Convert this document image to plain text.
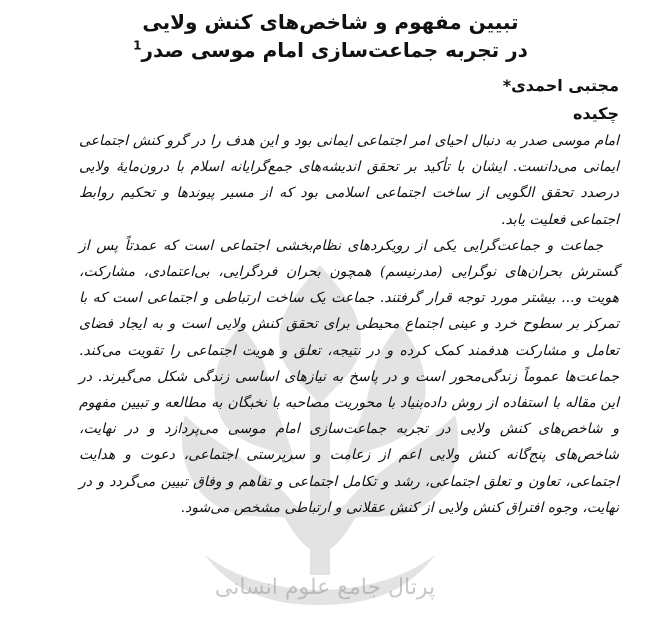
پرتال جامع علوم انسانی
تبیین مفهوم و شاخص‌های کنش ولایی
در تجربه جماعت‌سازی امام موسی صدر$^1$
مجتبی احمدی*
چکیده

امام موسی صدر به دنبال احیای امر اجتماعی ایمانی بود و این هدف را در گرو کنش اجتماعی ایمانی می‌دانست. ایشان با تأکید بر تحقق اندیشه‌های جمع‌گرایانه اسلام با درون‌مایهٔ ولایی درصدد تحقق الگویی از ساخت اجتماعی اسلامی بود که از مسیر پیوندها و تحکیم روابط اجتماعی فعلیت یابد.

جماعت و جماعت‌گرایی یکی از رویکردهای نظام‌بخشی اجتماعی است که عمدتاً پس از گسترش بحران‌های نوگرایی (مدرنیسم) همچون بحران فردگرایی، بی‌اعتمادی، مشارکت، هویت و... بیشتر مورد توجه قرار گرفتند. جماعت یک ساخت ارتباطی و اجتماعی است که با تمرکز بر سطوح خرد و عینی اجتماع محیطی برای تحقق کنش ولایی است و به ایجاد فضای تعامل و مشارکت هدفمند کمک کرده و در نتیجه، تعلق و هویت اجتماعی را تقویت می‌کند. جماعت‌ها عموماً زندگی‌محور است و در پاسخ به نیازهای اساسی زندگی شکل می‌گیرند. در این مقاله با استفاده از روش داده‌بنیاد با محوریت مصاحبه با نخبگان به مطالعه و تبیین مفهوم و شاخص‌های کنش ولایی در تجربه جماعت‌سازی امام موسی می‌پردازد و در نهایت، شاخص‌های پنج‌گانه کنش ولایی اعم از زعامت و سرپرستی اجتماعی، دعوت و هدایت اجتماعی، تعاون و تعلق اجتماعی، رشد و تکامل اجتماعی و تفاهم و وفاق تبیین می‌گردد و در نهایت، وجوه افتراق کنش ولایی از کنش عقلانی و ارتباطی مشخص می‌شود.
